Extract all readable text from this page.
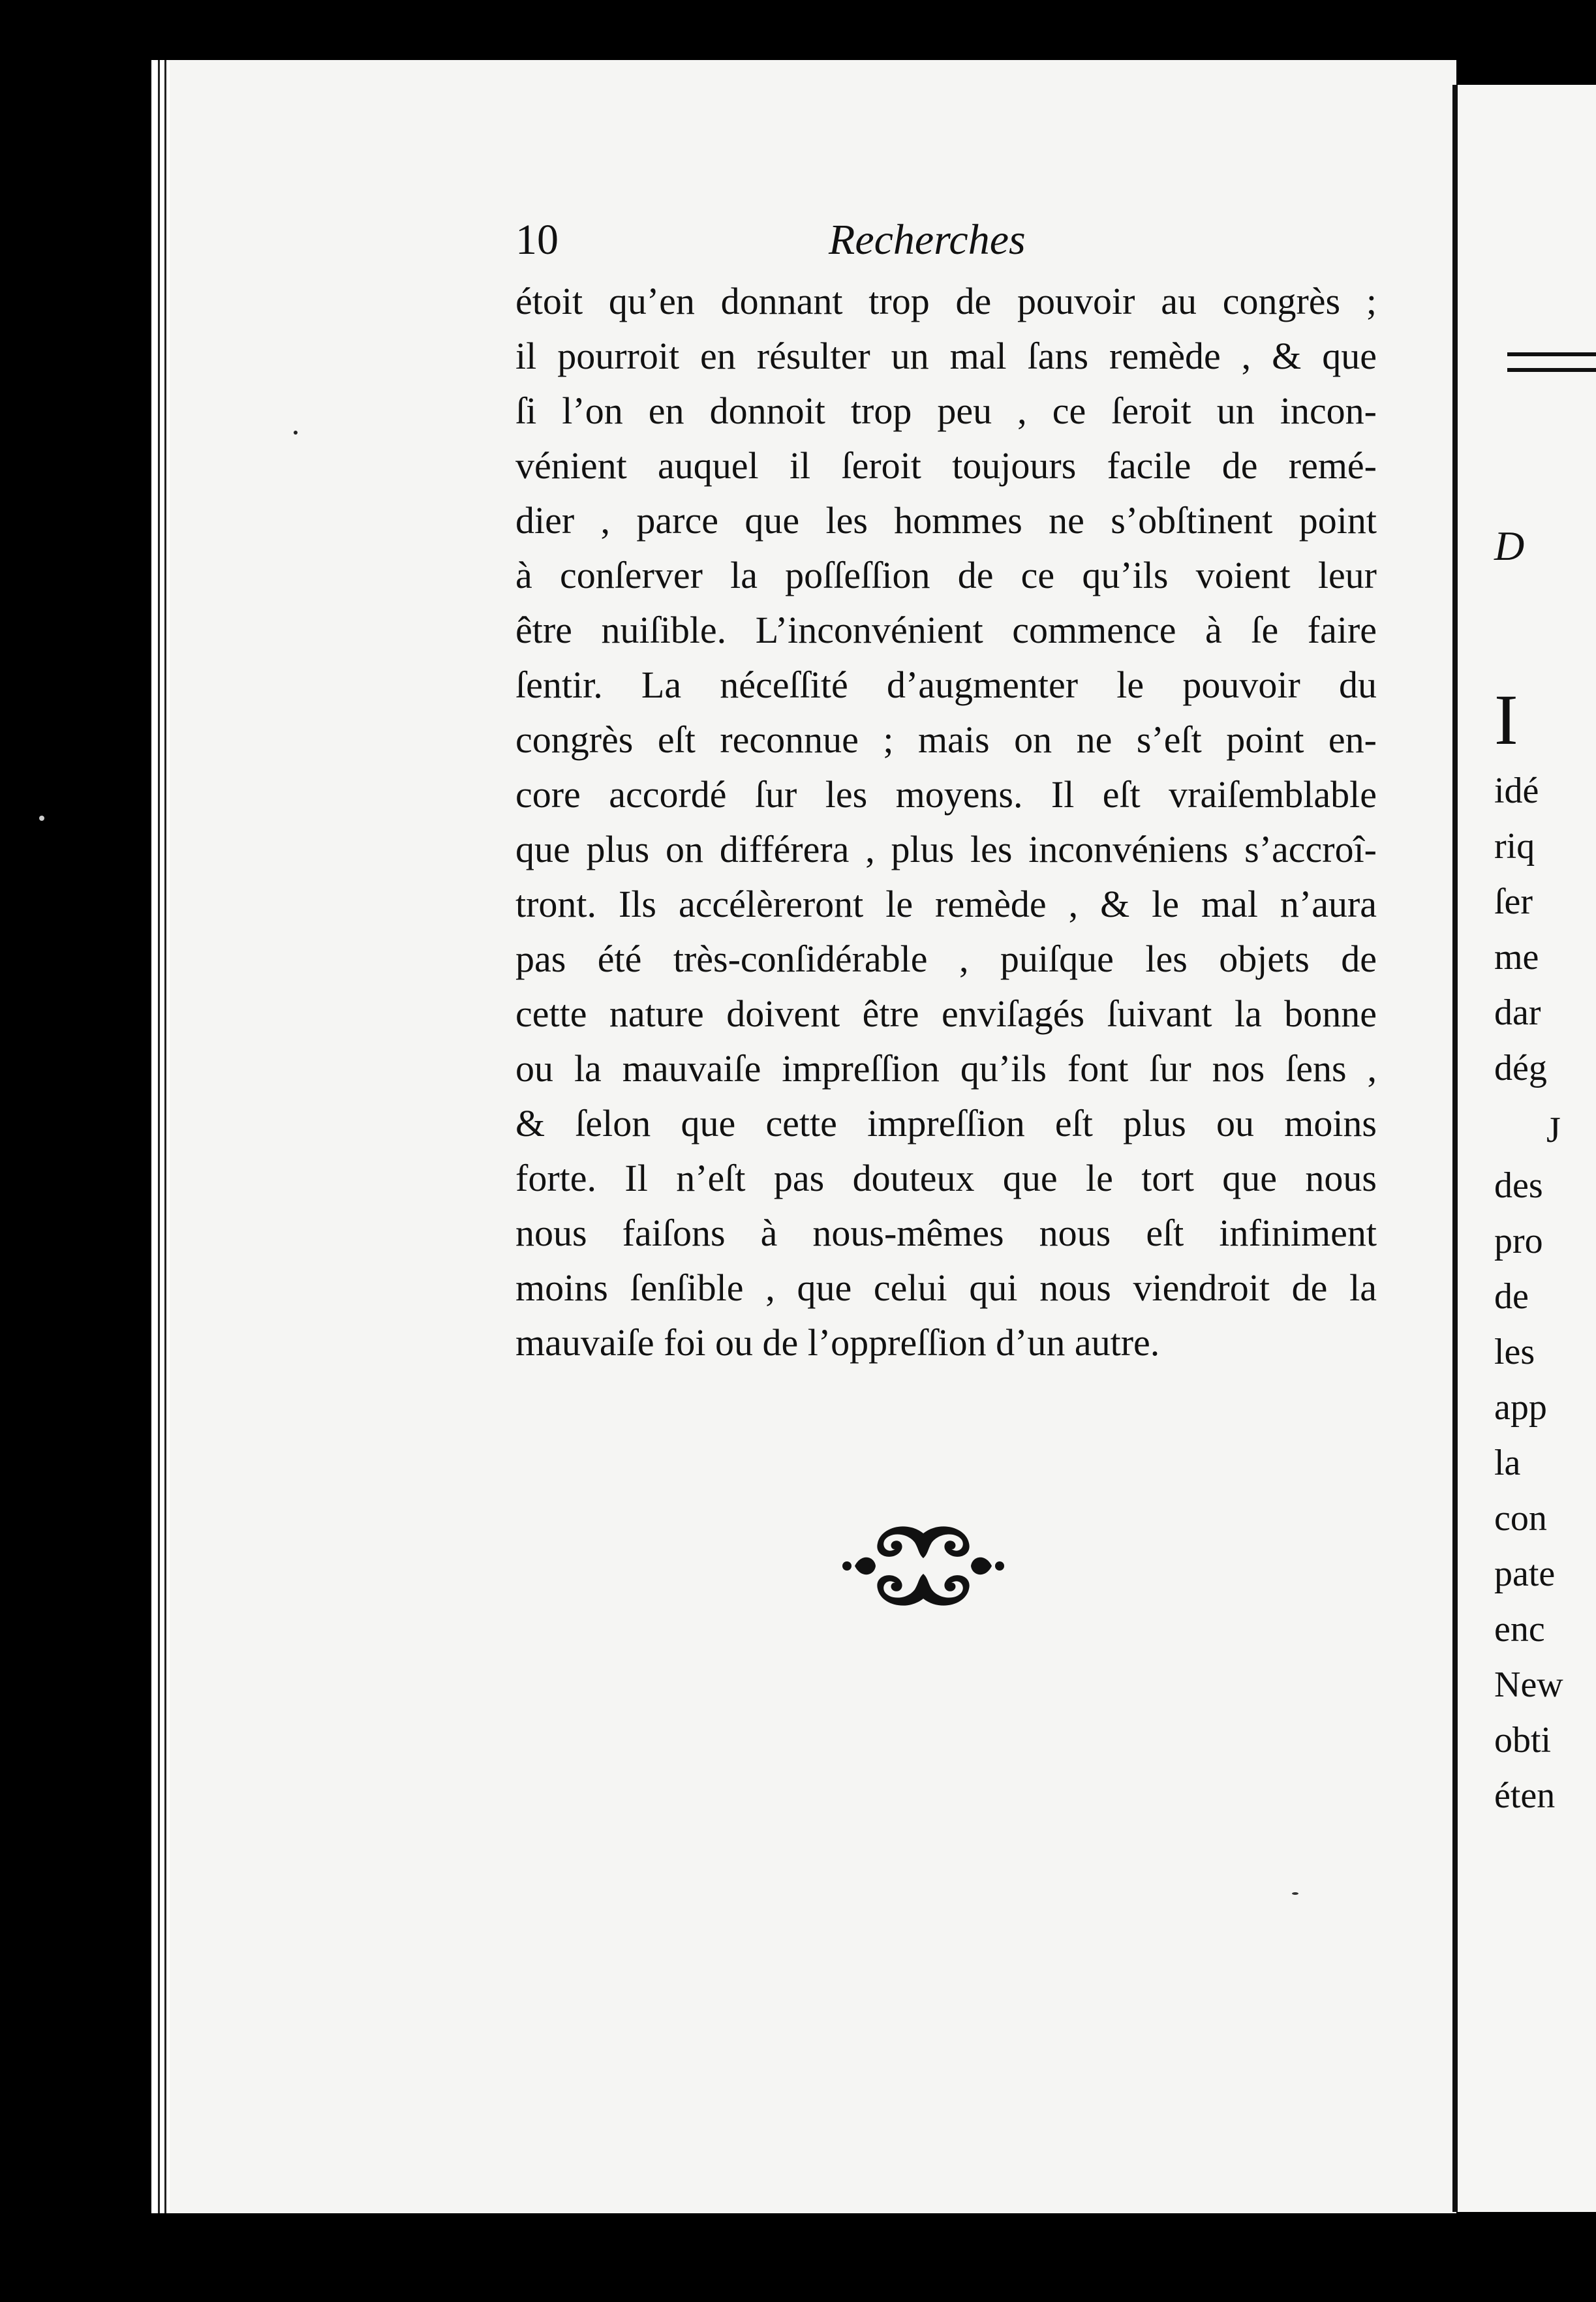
10	Recherches
étoit qu’en donnant trop de pouvoir au congrès ;
il pourroit en résulter un mal ſans remède , & que
ſi l’on en donnoit trop peu , ce ſeroit un incon-
vénient auquel il ſeroit toujours facile de remé-
dier , parce que les hommes ne s’obſtinent point
à conſerver la poſſeſſion de ce qu’ils voient leur
être nuiſible. L’inconvénient commence à ſe faire
ſentir. La néceſſité d’augmenter le pouvoir du
congrès eſt reconnue ; mais on ne s’eſt point en-
core accordé ſur les moyens. Il eſt vraiſemblable
que plus on différera , plus les inconvéniens s’accroî-
tront. Ils accélèreront le remède , & le mal n’aura
pas été très-conſidérable , puiſque les objets de
cette nature doivent être enviſagés ſuivant la bonne
ou la mauvaiſe impreſſion qu’ils font ſur nos ſens ,
& ſelon que cette impreſſion eſt plus ou moins
forte. Il n’eſt pas douteux que le tort que nous
nous faiſons à nous-mêmes nous eſt infiniment
moins ſenſible , que celui qui nous viendroit de la
mauvaiſe foi ou de l’oppreſſion d’un autre.
D
I
idé
riq
ſer
me
dar
dég
J
des
pro
de
les
app
la
con
pate
enc
New
obti
éten
